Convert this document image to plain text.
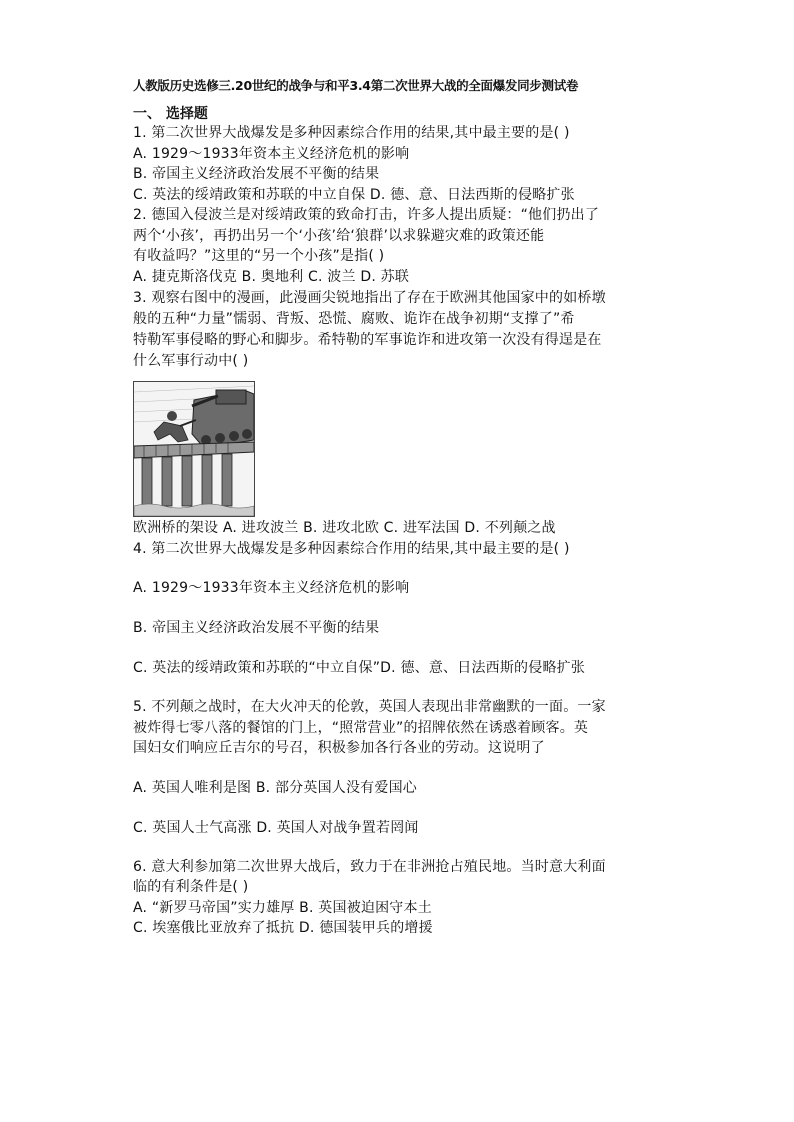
人教版历史选修三.20世纪的战争与和平3.4第二次世界大战的全面爆发同步测试卷
一、 选择题
1. 第二次世界大战爆发是多种因素综合作用的结果,其中最主要的是( )
A. 1929～1933年资本主义经济危机的影响
B. 帝国主义经济政治发展不平衡的结果
C. 英法的绥靖政策和苏联的中立自保 D. 德、意、日法西斯的侵略扩张
2. 德国入侵波兰是对绥靖政策的致命打击，许多人提出质疑：“他们扔出了
两个‘小孩’，再扔出另一个‘小孩’给‘狼群’以求躲避灾难的政策还能
有收益吗？”这里的“另一个小孩”是指( )
A. 捷克斯洛伐克 B. 奥地利 C. 波兰 D. 苏联
3. 观察右图中的漫画，此漫画尖锐地指出了存在于欧洲其他国家中的如桥墩
般的五种“力量”懦弱、背叛、恐慌、腐败、诡诈在战争初期“支撑了”希
特勒军事侵略的野心和脚步。希特勒的军事诡诈和进攻第一次没有得逞是在
什么军事行动中( )
欧洲桥的架设 A. 进攻波兰 B. 进攻北欧 C. 进军法国 D. 不列颠之战
4. 第二次世界大战爆发是多种因素综合作用的结果,其中最主要的是( )
A. 1929～1933年资本主义经济危机的影响
B. 帝国主义经济政治发展不平衡的结果
C. 英法的绥靖政策和苏联的“中立自保”D. 德、意、日法西斯的侵略扩张
5. 不列颠之战时，在大火冲天的伦敦，英国人表现出非常幽默的一面。一家
被炸得七零八落的餐馆的门上，“照常营业”的招牌依然在诱惑着顾客。英
国妇女们响应丘吉尔的号召，积极参加各行各业的劳动。这说明了
A. 英国人唯利是图 B. 部分英国人没有爱国心
C. 英国人士气高涨 D. 英国人对战争置若罔闻
6. 意大利参加第二次世界大战后，致力于在非洲抢占殖民地。当时意大利面
临的有利条件是( )
A. “新罗马帝国”实力雄厚 B. 英国被迫困守本土
C. 埃塞俄比亚放弃了抵抗 D. 德国装甲兵的增援
